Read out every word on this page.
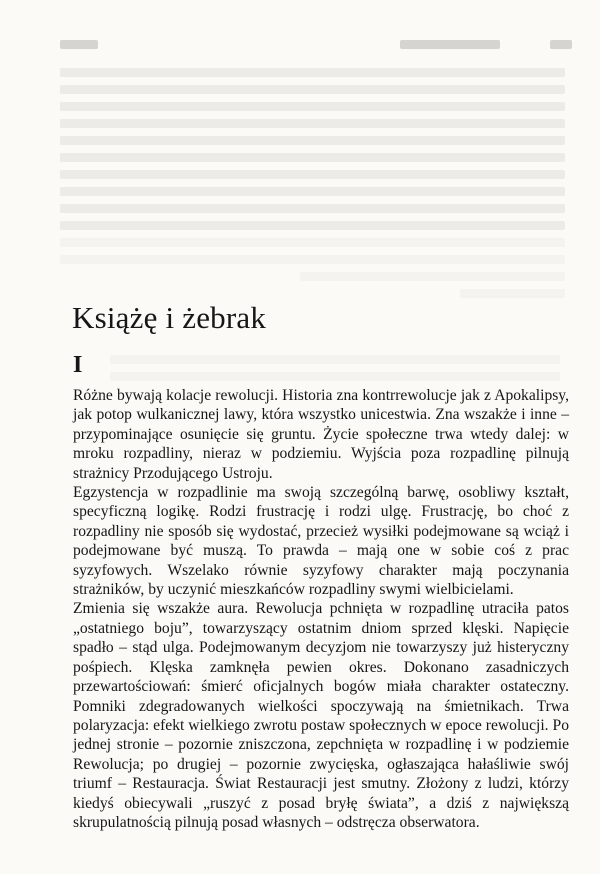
Książę i żebrak
I

Różne bywają kolacje rewolucji. Historia zna kontrrewolucje jak z Apokalipsy, jak potop wulkanicznej lawy, która wszystko unicestwia. Zna wszakże i inne – przypominające osunięcie się gruntu. Życie społeczne trwa wtedy dalej: w mroku rozpadliny, nieraz w podziemiu. Wyjścia poza rozpadlinę pilnują strażnicy Przodującego Ustroju.

Egzystencja w rozpadlinie ma swoją szczególną barwę, osobliwy kształt, specyficzną logikę. Rodzi frustrację i rodzi ulgę. Frustrację, bo choć z rozpadliny nie sposób się wydostać, przecież wysiłki podejmowane są wciąż i podejmowane być muszą. To prawda – mają one w sobie coś z prac syzyfowych. Wszelako równie syzyfowy charakter mają poczynania strażników, by uczynić mieszkańców rozpadliny swymi wielbicielami.

Zmienia się wszakże aura. Rewolucja pchnięta w rozpadlinę utraciła patos „ostatniego boju”, towarzyszący ostatnim dniom sprzed klęski. Napięcie spadło – stąd ulga. Podejmowanym decyzjom nie towarzyszy już histeryczny pośpiech. Klęska zamknęła pewien okres. Dokonano zasadniczych przewartościowań: śmierć oficjalnych bogów miała charakter ostateczny. Pomniki zdegradowanych wielkości spoczywają na śmietnikach. Trwa polaryzacja: efekt wielkiego zwrotu postaw społecznych w epoce rewolucji. Po jednej stronie – pozornie zniszczona, zepchnięta w rozpadlinę i w podziemie Rewolucja; po drugiej – pozornie zwycięska, ogłaszająca hałaśliwie swój triumf – Restauracja. Świat Restauracji jest smutny. Złożony z ludzi, którzy kiedyś obiecywali „ruszyć z posad bryłę świata”, a dziś z największą skrupulatnością pilnują posad własnych – odstręcza obserwatora.
